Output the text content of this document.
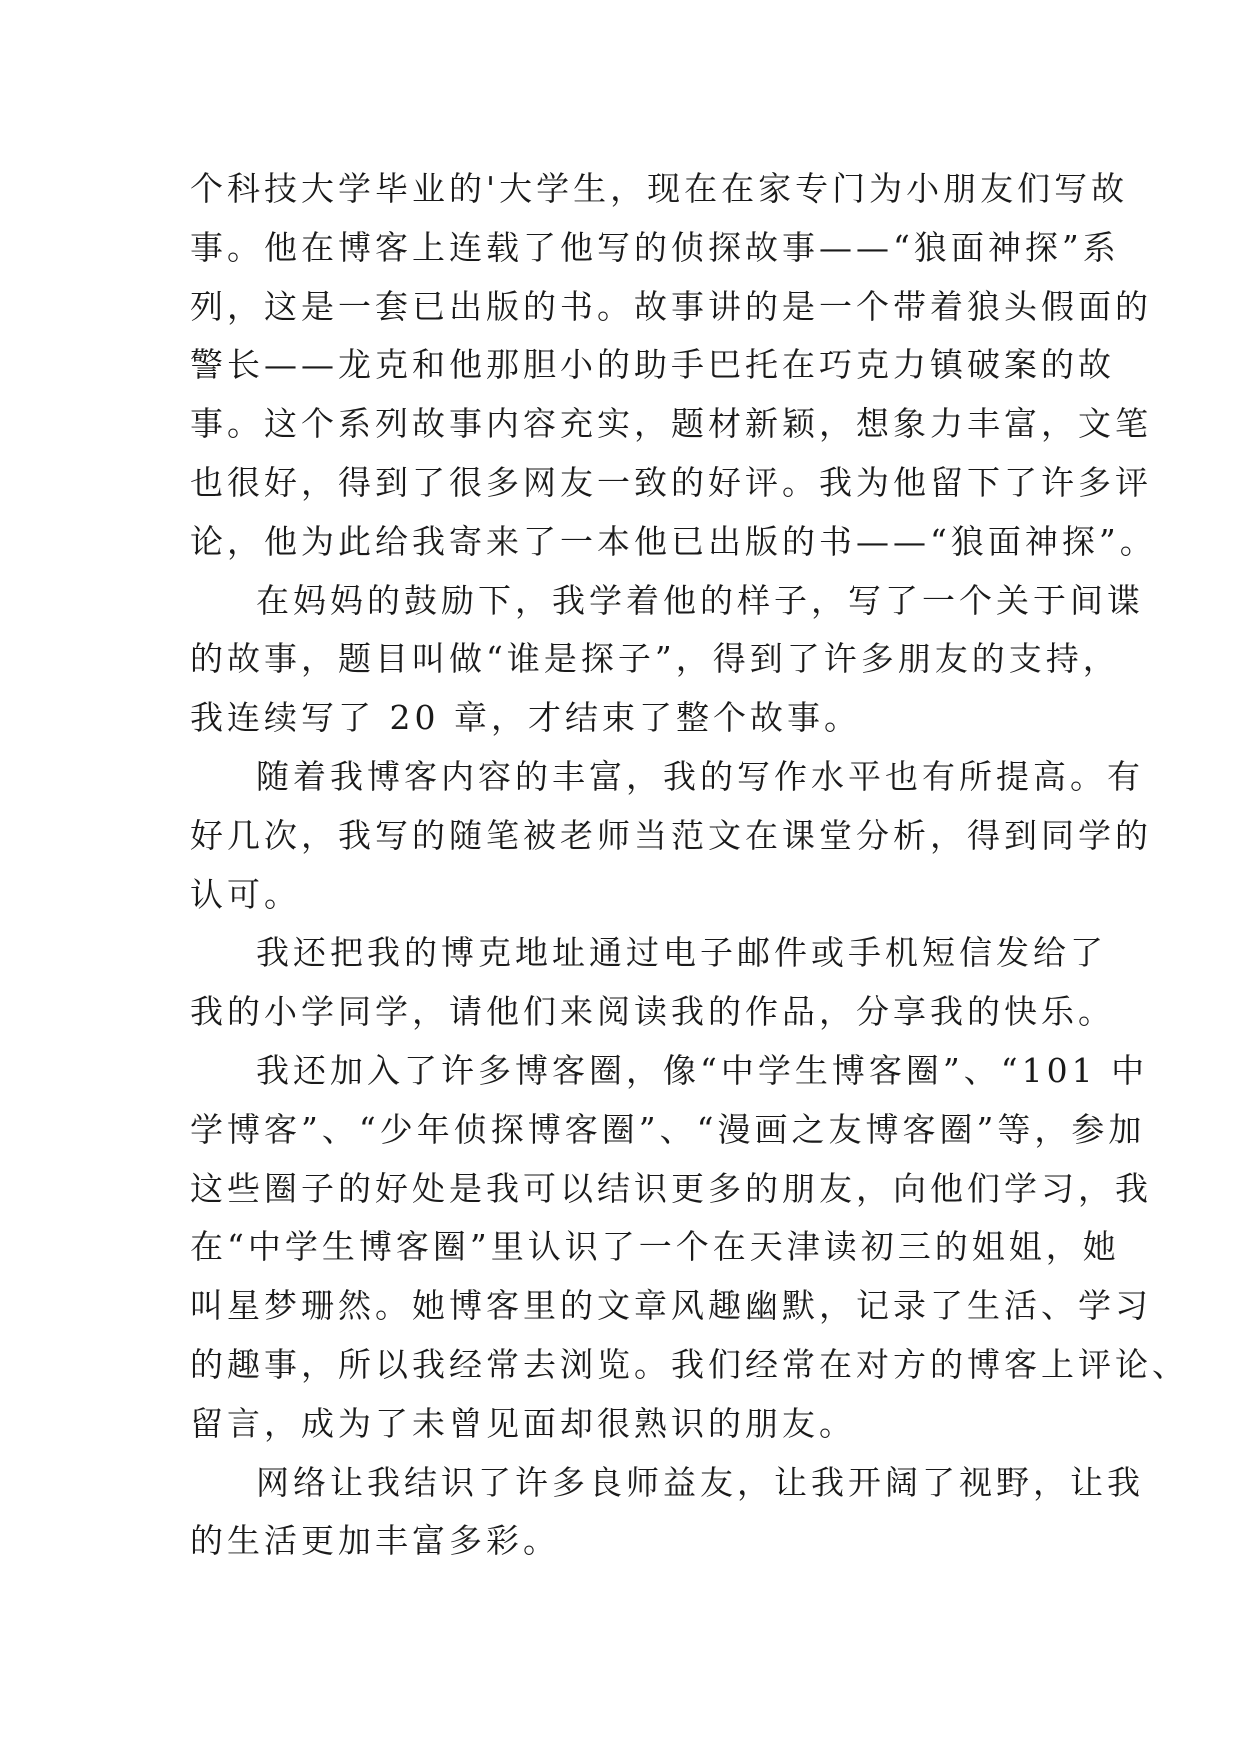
个科技大学毕业的'大学生，现在在家专门为小朋友们写故
事。他在博客上连载了他写的侦探故事——“狼面神探”系
列，这是一套已出版的书。故事讲的是一个带着狼头假面的
警长——龙克和他那胆小的助手巴托在巧克力镇破案的故
事。这个系列故事内容充实，题材新颖，想象力丰富，文笔
也很好，得到了很多网友一致的好评。我为他留下了许多评
论，他为此给我寄来了一本他已出版的书——“狼面神探”。
在妈妈的鼓励下，我学着他的样子，写了一个关于间谍
的故事，题目叫做“谁是探子”，得到了许多朋友的支持，
我连续写了 20 章，才结束了整个故事。
随着我博客内容的丰富，我的写作水平也有所提高。有
好几次，我写的随笔被老师当范文在课堂分析，得到同学的
认可。
我还把我的博克地址通过电子邮件或手机短信发给了
我的小学同学，请他们来阅读我的作品，分享我的快乐。
我还加入了许多博客圈，像“中学生博客圈”、“101 中
学博客”、“少年侦探博客圈”、“漫画之友博客圈”等，参加
这些圈子的好处是我可以结识更多的朋友，向他们学习，我
在“中学生博客圈”里认识了一个在天津读初三的姐姐，她
叫星梦珊然。她博客里的文章风趣幽默，记录了生活、学习
的趣事，所以我经常去浏览。我们经常在对方的博客上评论、
留言，成为了未曾见面却很熟识的朋友。
网络让我结识了许多良师益友，让我开阔了视野，让我
的生活更加丰富多彩。
